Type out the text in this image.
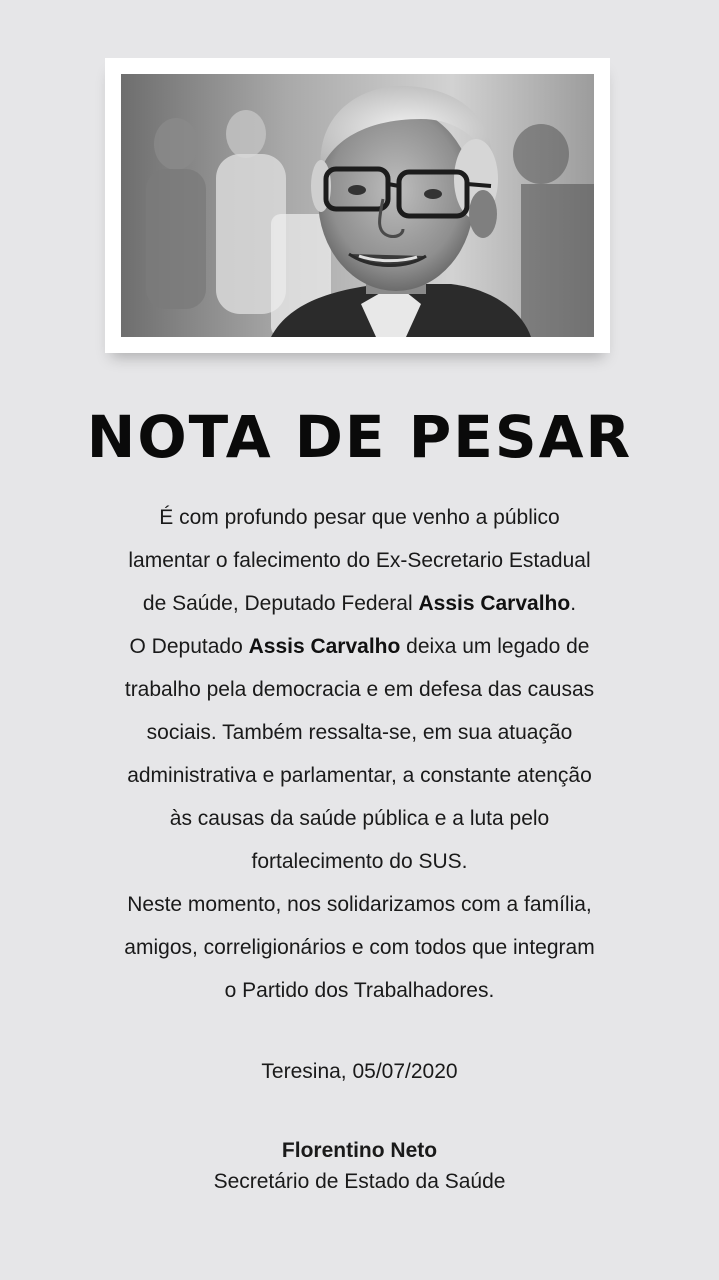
NOTA DE PESAR

É com profundo pesar que venho a público
lamentar o falecimento do Ex-Secretario Estadual
de Saúde, Deputado Federal Assis Carvalho.

O Deputado Assis Carvalho deixa um legado de
trabalho pela democracia e em defesa das causas
sociais. Também ressalta-se, em sua atuação
administrativa e parlamentar, a constante atenção
às causas da saúde pública e a luta pelo
fortalecimento do SUS.

Neste momento, nos solidarizamos com a família,
amigos, correligionários e com todos que integram
o Partido dos Trabalhadores.

Teresina, 05/07/2020
Florentino Neto
Secretário de Estado da Saúde
